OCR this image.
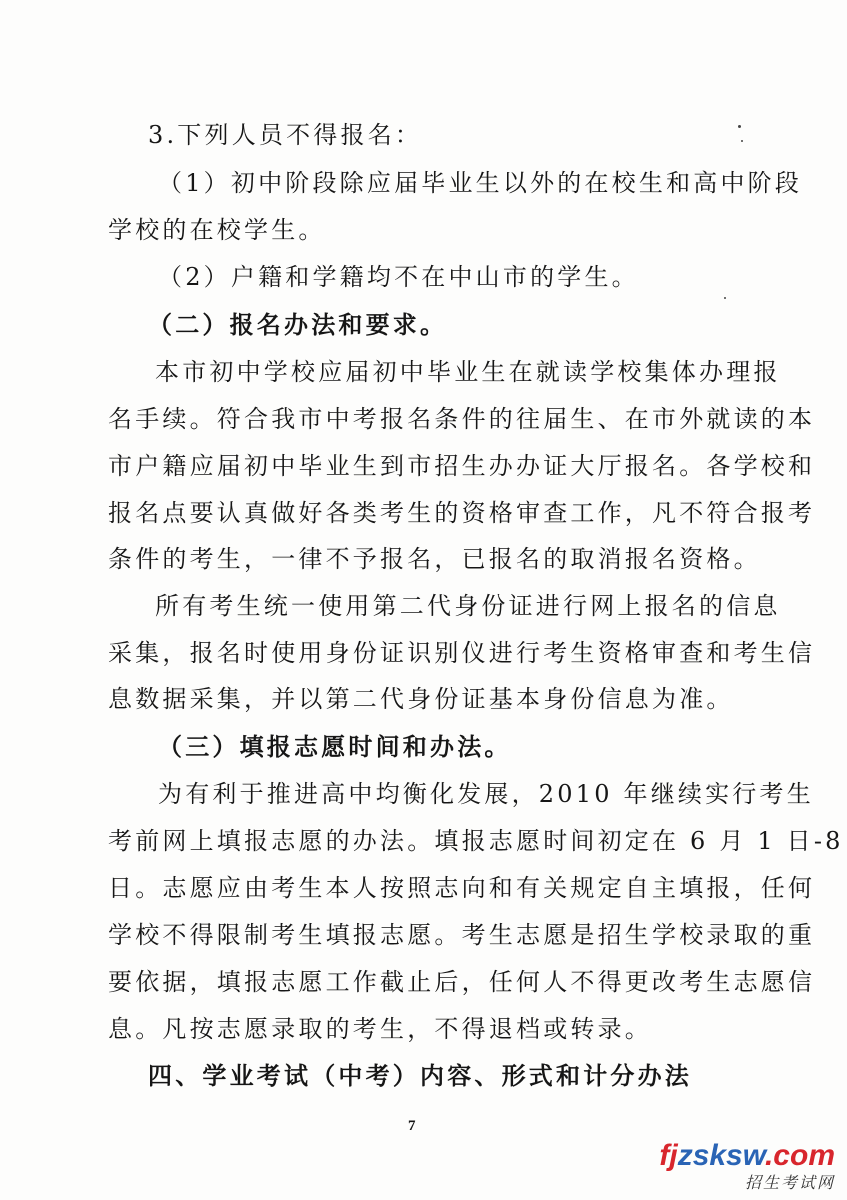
3.下列人员不得报名：
（1）初中阶段除应届毕业生以外的在校生和高中阶段
学校的在校学生。
（2）户籍和学籍均不在中山市的学生。
（二）报名办法和要求。
本市初中学校应届初中毕业生在就读学校集体办理报
名手续。符合我市中考报名条件的往届生、在市外就读的本
市户籍应届初中毕业生到市招生办办证大厅报名。各学校和
报名点要认真做好各类考生的资格审查工作，凡不符合报考
条件的考生，一律不予报名，已报名的取消报名资格。
所有考生统一使用第二代身份证进行网上报名的信息
采集，报名时使用身份证识别仪进行考生资格审查和考生信
息数据采集，并以第二代身份证基本身份信息为准。
（三）填报志愿时间和办法。
为有利于推进高中均衡化发展，2010 年继续实行考生
考前网上填报志愿的办法。填报志愿时间初定在 6 月 1 日-8
日。志愿应由考生本人按照志向和有关规定自主填报，任何
学校不得限制考生填报志愿。考生志愿是招生学校录取的重
要依据，填报志愿工作截止后，任何人不得更改考生志愿信
息。凡按志愿录取的考生，不得退档或转录。
四、学业考试（中考）内容、形式和计分办法
7
fjzsksw.com
招生考试网
